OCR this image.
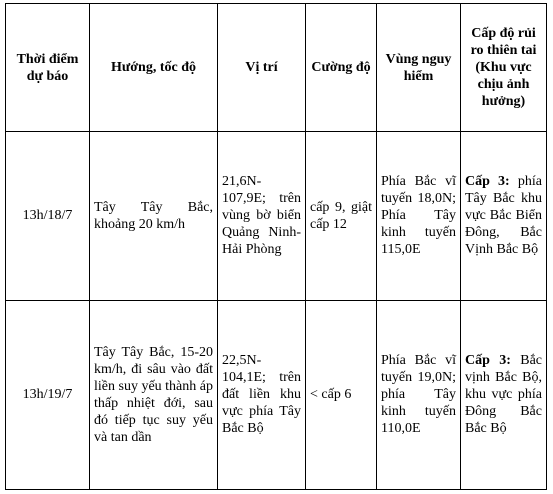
Thời điểm dự báo	Hướng, tốc độ	Vị trí	Cường độ	Vùng nguy hiểm	Cấp độ rủi ro thiên tai (Khu vực chịu ảnh hưởng)
13h/18/7	Tây Tây Bắc, khoảng 20 km/h	21,6N-107,9E; trên vùng bờ biển Quảng Ninh-Hải Phòng	cấp 9, giật cấp 12	Phía Bắc vĩ tuyến 18,0N; Phía Tây kinh tuyến 115,0E	Cấp 3: phía Tây Bắc khu vực Bắc Biển Đông, Bắc Vịnh Bắc Bộ
13h/19/7	Tây Tây Bắc, 15-20 km/h, đi sâu vào đất liền suy yếu thành áp thấp nhiệt đới, sau đó tiếp tục suy yếu và tan dần	22,5N-104,1E; trên đất liền khu vực phía Tây Bắc Bộ	< cấp 6	Phía Bắc vĩ tuyến 19,0N; phía Tây kinh tuyến 110,0E	Cấp 3: Bắc vịnh Bắc Bộ, khu vực phía Đông Bắc Bắc Bộ
